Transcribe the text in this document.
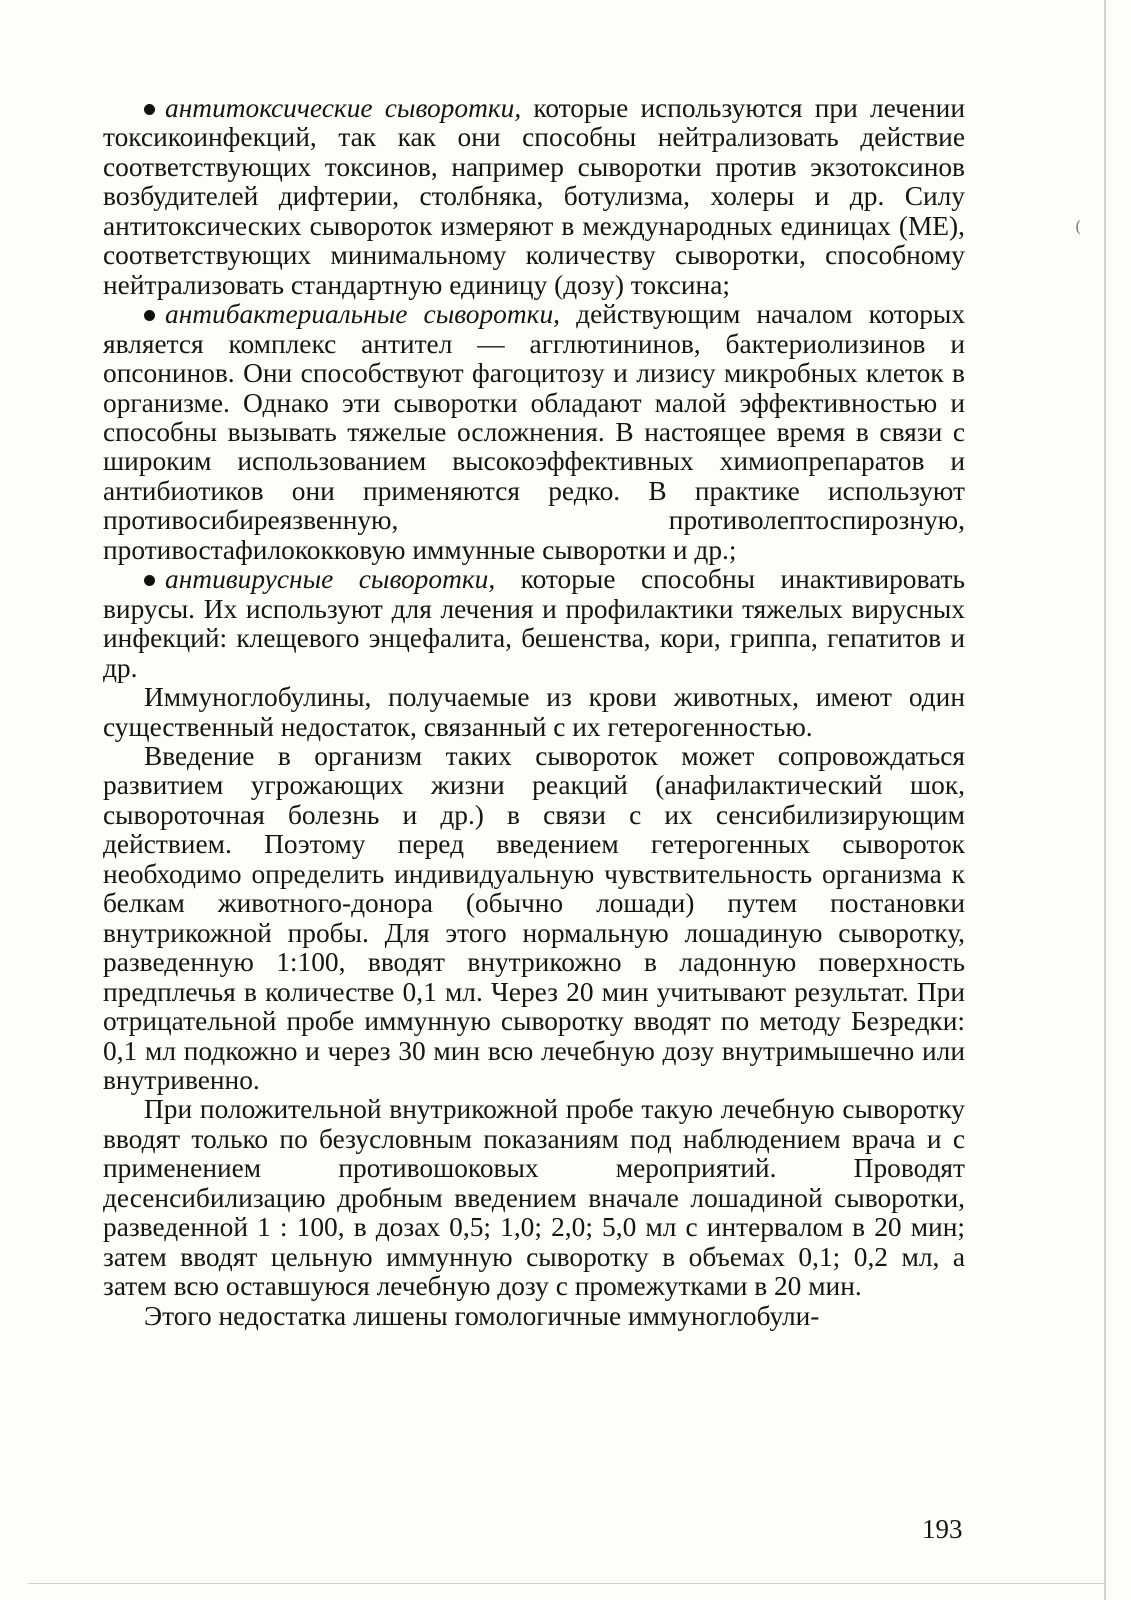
(

антитоксические сыворотки, которые используются при лечении токсикоинфекций, так как они способны нейтрализовать действие соответствующих токсинов, например сыворотки против экзотоксинов возбудителей дифтерии, столбняка, ботулизма, холеры и др. Силу антитоксических сывороток измеряют в международных единицах (МЕ), соответствующих минимальному количеству сыворотки, способному нейтрализовать стандартную единицу (дозу) токсина;

антибактериальные сыворотки, действующим началом которых является комплекс антител — агглютининов, бактериолизинов и опсонинов. Они способствуют фагоцитозу и лизису микробных клеток в организме. Однако эти сыворотки обладают малой эффективностью и способны вызывать тяжелые осложнения. В настоящее время в связи с широким использованием высокоэффективных химиопрепаратов и антибиотиков они применяются редко. В практике используют противосибиреязвенную, противолептоспирозную, противостафилококковую иммунные сыворотки и др.;

антивирусные сыворотки, которые способны инактивировать вирусы. Их используют для лечения и профилактики тяжелых вирусных инфекций: клещевого энцефалита, бешенства, кори, гриппа, гепатитов и др.

Иммуноглобулины, получаемые из крови животных, имеют один существенный недостаток, связанный с их гетерогенностью.

Введение в организм таких сывороток может сопровождаться развитием угрожающих жизни реакций (анафилактический шок, сывороточная болезнь и др.) в связи с их сенсибилизирующим действием. Поэтому перед введением гетерогенных сывороток необходимо определить индивидуальную чувствительность организма к белкам животного-донора (обычно лошади) путем постановки внутрикожной пробы. Для этого нормальную лошадиную сыворотку, разведенную 1:100, вводят внутрикожно в ладонную поверхность предплечья в количестве 0,1 мл. Через 20 мин учитывают результат. При отрицательной пробе иммунную сыворотку вводят по методу Безредки: 0,1 мл подкожно и через 30 мин всю лечебную дозу внутримышечно или внутривенно.

При положительной внутрикожной пробе такую лечебную сыворотку вводят только по безусловным показаниям под наблюдением врача и с применением противошоковых мероприятий. Проводят десенсибилизацию дробным введением вначале лошадиной сыворотки, разведенной 1 : 100, в дозах 0,5; 1,0; 2,0; 5,0 мл с интервалом в 20 мин; затем вводят цельную иммунную сыворотку в объемах 0,1; 0,2 мл, а затем всю оставшуюся лечебную дозу с промежутками в 20 мин.

Этого недостатка лишены гомологичные иммуноглобули-

193
